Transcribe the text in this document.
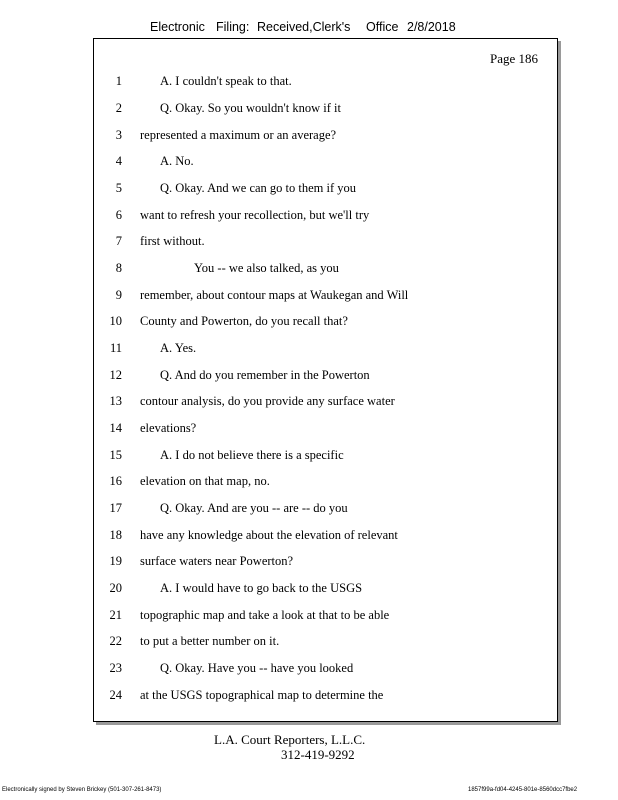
Electronic Filing: Received,Clerk's Office 2/8/2018
Page 186
1	A. I couldn't speak to that.
2	Q. Okay. So you wouldn't know if it
3 represented a maximum or an average?
4	A. No.
5	Q. Okay. And we can go to them if you
6 want to refresh your recollection, but we'll try
7 first without.
8	You -- we also talked, as you
9 remember, about contour maps at Waukegan and Will
10 County and Powerton, do you recall that?
11	A. Yes.
12	Q. And do you remember in the Powerton
13 contour analysis, do you provide any surface water
14 elevations?
15	A. I do not believe there is a specific
16 elevation on that map, no.
17	Q. Okay. And are you -- are -- do you
18 have any knowledge about the elevation of relevant
19 surface waters near Powerton?
20	A. I would have to go back to the USGS
21 topographic map and take a look at that to be able
22 to put a better number on it.
23	Q. Okay. Have you -- have you looked
24 at the USGS topographical map to determine the
L.A. Court Reporters, L.L.C.
312-419-9292
Electronically signed by Steven Brickey (501-307-261-8473)	1857f99a-fd04-4245-801e-8560dcc7fbe2
